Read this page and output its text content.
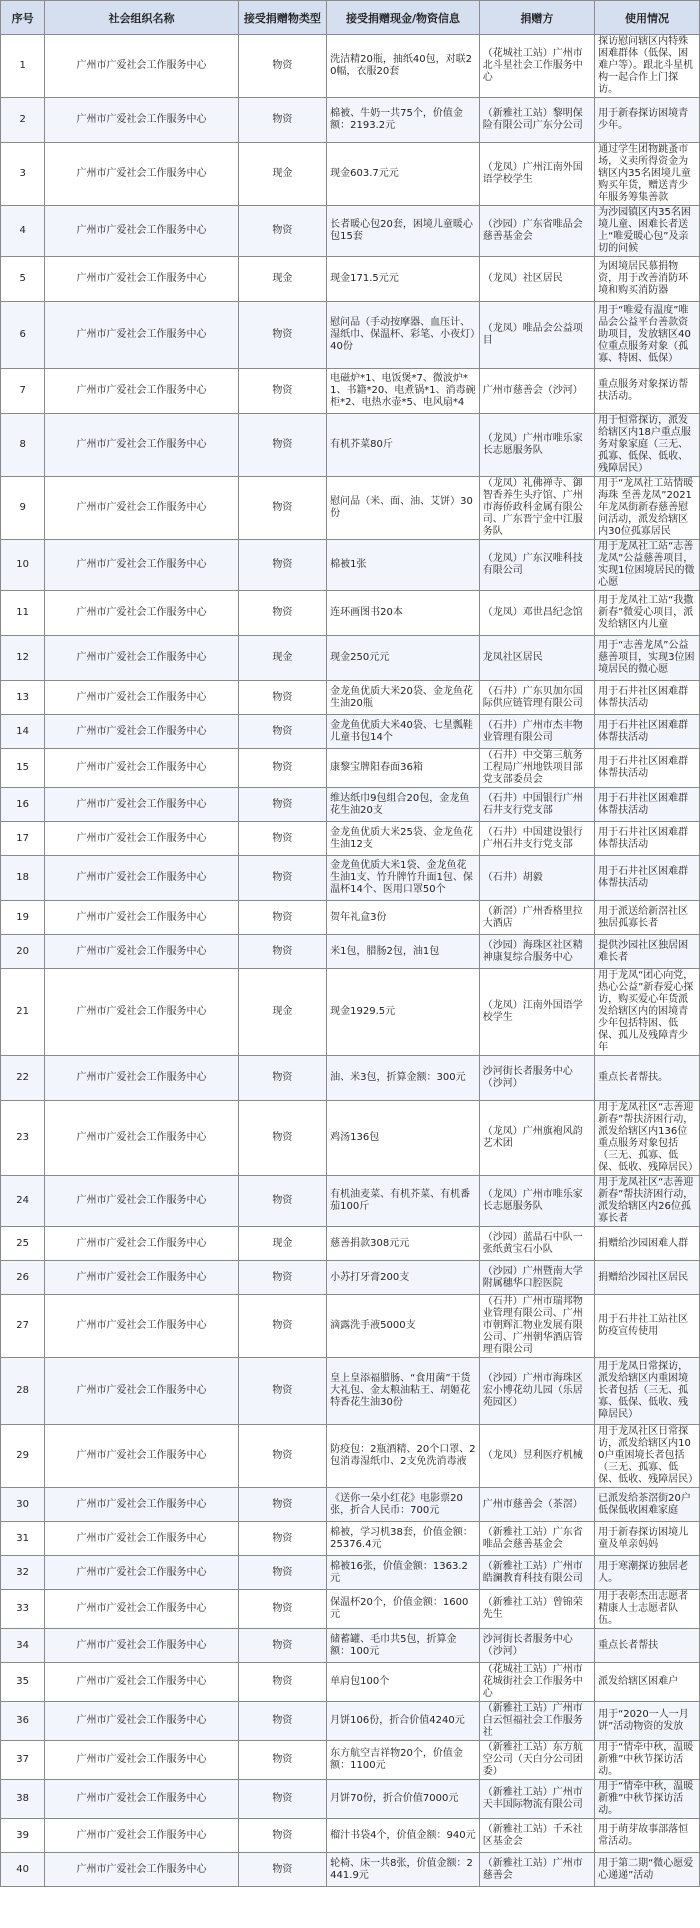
序号	社会组织名称	接受捐赠物类型	接受捐赠现金/物资信息	捐赠方	使用情况
1	广州市广爱社会工作服务中心	物资	洗洁精20瓶，抽纸40包，对联20幅，衣服20套	（花城社工站）广州市北斗星社会工作服务中心	探访慰问辖区内特殊困难群体（低保、困难户等）。跟北斗星机构一起合作上门探访。
2	广州市广爱社会工作服务中心	物资	棉被、牛奶一共75个，价值金额：2193.2元	（新雅社工站）黎明保险有限公司广东分公司	用于新春探访困境青少年。
3	广州市广爱社会工作服务中心	现金	现金603.7元元	（龙凤）广州江南外国语学校学生	通过学生团物跳蚤市场，义卖所得资金为辖区内35名困境儿童购买年货，赠送青少年服务筹集善款
4	广州市广爱社会工作服务中心	物资	长者暖心包20套，困境儿童暖心包15套	（沙园）广东省唯品会慈善基金会	为沙园镇区内35名困境儿童、困难长者送上“唯爱暖心包”及亲切的问候
5	广州市广爱社会工作服务中心	现金	现金171.5元元	（龙凤）社区居民	为困境居民慕捐物资，用于改善消防环境和购买消防器
6	广州市广爱社会工作服务中心	物资	慰问品（手动按摩器、血压计、湿纸巾、保温杯、彩笔、小夜灯）40份	（龙凤）唯品会公益项目	用于“唯爱有温度”唯品会公益平台善款资助项目，发放辖区40位重点服务对象（孤寡、特困、低保）
7	广州市广爱社会工作服务中心	物资	电磁炉*1、电饭煲*7、微波炉*1、书籍*20、电煮锅*1、消毒碗柜*2、电热水壶*5、电风扇*4	广州市慈善会（沙河）	重点服务对象探访帮扶活动。
8	广州市广爱社会工作服务中心	物资	有机芥菜80斤	（龙凤）广州市唯乐家长志愿服务队	用于恒常探访，派发给辖区内18户重点服务对象家庭（三无、孤寡、低保、低收、残障居民）
9	广州市广爱社会工作服务中心	物资	慰问品（米、面、油、艾饼）30份	（龙凤）礼佛禅寺、御智香养生头疗馆、广州市海侨政科金属有限公司、广东晋宁金中江服务队	用于“龙凤社工站情暖海珠 至善龙凤”2021年龙凤街新春慈善慰问活动，派发给辖区内30位孤寡居民
10	广州市广爱社会工作服务中心	物资	棉被1张	（龙凤）广东汉唯科技有限公司	用于龙凤社工站“志善龙凤”公益慈善项目，实现1位困境居民的微心愿
11	广州市广爱社会工作服务中心	物资	连环画图书20本	（龙凤）邓世昌纪念馆	用于龙凤社工站“我撒新春”微爱心项目，派发给辖区内儿童
12	广州市广爱社会工作服务中心	现金	现金250元元	龙凤社区居民	用于“志善龙凤”公益慈善项目，实现3位困境居民的微心愿
13	广州市广爱社会工作服务中心	物资	金龙鱼优质大米20袋、金龙鱼花生油20瓶	（石井）广东贝加尔国际供应链管理有限公司	用于石井社区困难群体帮扶活动
14	广州市广爱社会工作服务中心	物资	金龙鱼优质大米40袋、七星瓢鞋儿童书包14个	（石井）广州市杰丰物业管理有限公司	用于石井社区困难群体帮扶活动
15	广州市广爱社会工作服务中心	物资	康黎宝牌阳春面36箱	（石井）中交第三航务工程局广州地铁项目部党支部委员会	用于石井社区困难群体帮扶活动
16	广州市广爱社会工作服务中心	物资	维达纸巾9包组合20包，金龙鱼花生油20支	（石井）中国银行广州石井支行党支部	用于石井社区困难群体帮扶活动
17	广州市广爱社会工作服务中心	物资	金龙鱼优质大米25袋、金龙鱼花生油12支	（石井）中国建设银行广州石井支行党支部	用于石井社区困难群体帮扶活动
18	广州市广爱社会工作服务中心	物资	金龙鱼优质大米1袋、金龙鱼花生油1支、竹升牌竹升面1包、保温杯14个、医用口罩50个	（石井）胡毅	用于石井社区困难群体帮扶活动
19	广州市广爱社会工作服务中心	物资	贺年礼盒3份	（新滘）广州香格里拉大酒店	用于派送给新滘社区独居孤寡长者
20	广州市广爱社会工作服务中心	物资	米1包，腊肠2包，油1包	（沙园）海珠区社区精神康复综合服务中心	提供沙园社区独居困难长者
21	广州市广爱社会工作服务中心	现金	现金1929.5元	（龙凤）江南外国语学校学生	用于龙凤“团心向党，热心公益”新春爱心探访，购买爱心年货派发给辖区内的困境青少年包括特困、低保、孤儿及残障青少年
22	广州市广爱社会工作服务中心	物资	油、米3包，折算金额：300元	沙河街长者服务中心（沙河）	重点长者帮扶。
23	广州市广爱社会工作服务中心	物资	鸡汤136包	（龙凤）广州旗袍风韵艺术团	用于龙凤社区“志善迎新春”帮扶济困行动，派发给辖区内136位重点服务对象包括（三无、孤寡、低保、低收、残障居民）
24	广州市广爱社会工作服务中心	物资	有机油麦菜、有机芥菜、有机番茄100斤	（龙凤）广州市唯乐家长志愿服务队	用于龙凤社区“志善迎新春”帮扶济困行动，派发给辖区内26位孤寡长者
25	广州市广爱社会工作服务中心	现金	慈善捐款308元元	（沙园）蓝晶石中队一张纸黄宝石小队	捐赠给沙园困难人群
26	广州市广爱社会工作服务中心	物资	小苏打牙膏200支	（沙园）广州暨南大学附属穗华口腔医院	捐赠给沙园社区居民
27	广州市广爱社会工作服务中心	物资	滴露洗手液5000支	（石井）广州市瑞邦物业管理有限公司、广州市朝辉汇物业发展有限公司、广州朝华酒店管理有限公司	用于石井社工站社区防疫宣传使用
28	广州市广爱社会工作服务中心	物资	皇上皇添福腊肠、“食用菌”干货大礼包、金太粮油粘王、胡姬花特香花生油30份	（沙园）广州市海珠区宏小博花幼儿园（乐居苑园区）	用于龙凤日常探访，派发给辖区内重困境长者包括（三无、孤寡、低保、低收、残障居民）
29	广州市广爱社会工作服务中心	物资	防疫包：2瓶酒精、20个口罩、2包消毒湿纸巾、2支免洗消毒液	（龙凤）昱利医疗机械	用于龙凤社区日常探访，派发给辖区内100户重困境长者包括（三无、孤寡、低保、低收、残障居民）
30	广州市广爱社会工作服务中心	物资	《送你一朵小红花》电影票20张，折合人民币：700元	广州市慈善会（茶滘）	已派发给茶滘街20户低保低收困难家庭
31	广州市广爱社会工作服务中心	物资	棉被，学习机38套，价值金额：25376.4元	（新雅社工站）广东省唯品会慈善基金会	用于新春探访困境儿童及单亲妈妈
32	广州市广爱社会工作服务中心	物资	棉被16张，价值金额：1363.2元	（新雅社工站）广州市皓澜教育科技有限公司	用于寒潮探访独居老人。
33	广州市广爱社会工作服务中心	物资	保温杯20个，价值金额：1600元	（新雅社工站）曾锦荣先生	用于表彰杰出志愿者精康人士志愿者队伍。
34	广州市广爱社会工作服务中心	物资	储蓄罐、毛巾共5包，折算金额：100元	沙河街长者服务中心（沙河）	重点长者帮扶
35	广州市广爱社会工作服务中心	物资	单肩包100个	（花城社工站）广州市花城街社会工作服务中心	派发给辖区困难户
36	广州市广爱社会工作服务中心	物资	月饼106份，折合价值4240元	（新雅社工站）广州市白云恒福社会工作服务社	用于“2020一人一月饼”活动物资的发放
37	广州市广爱社会工作服务中心	物资	东方航空吉祥物20个，价值金额：1100元	（新雅社工站）东方航空公司（天白分公司团委）	用于“情牵中秋，温暖新雅”中秋节探访活动。
38	广州市广爱社会工作服务中心	物资	月饼70份，折合价值7000元	（新雅社工站）广州市天丰国际物流有限公司	用于“情牵中秋，温暖新雅”中秋节探访活动。
39	广州市广爱社会工作服务中心	物资	榴汁书袋4个，价值金额：940元	（新雅社工站）千禾社区基金会	用于萌芽故事部落恒常活动。
40	广州市广爱社会工作服务中心	物资	轮椅、床一共8张，价值金额：2441.9元	（新雅社工站）广州市慈善会	用于第二期“微心愿爱心递递”活动
